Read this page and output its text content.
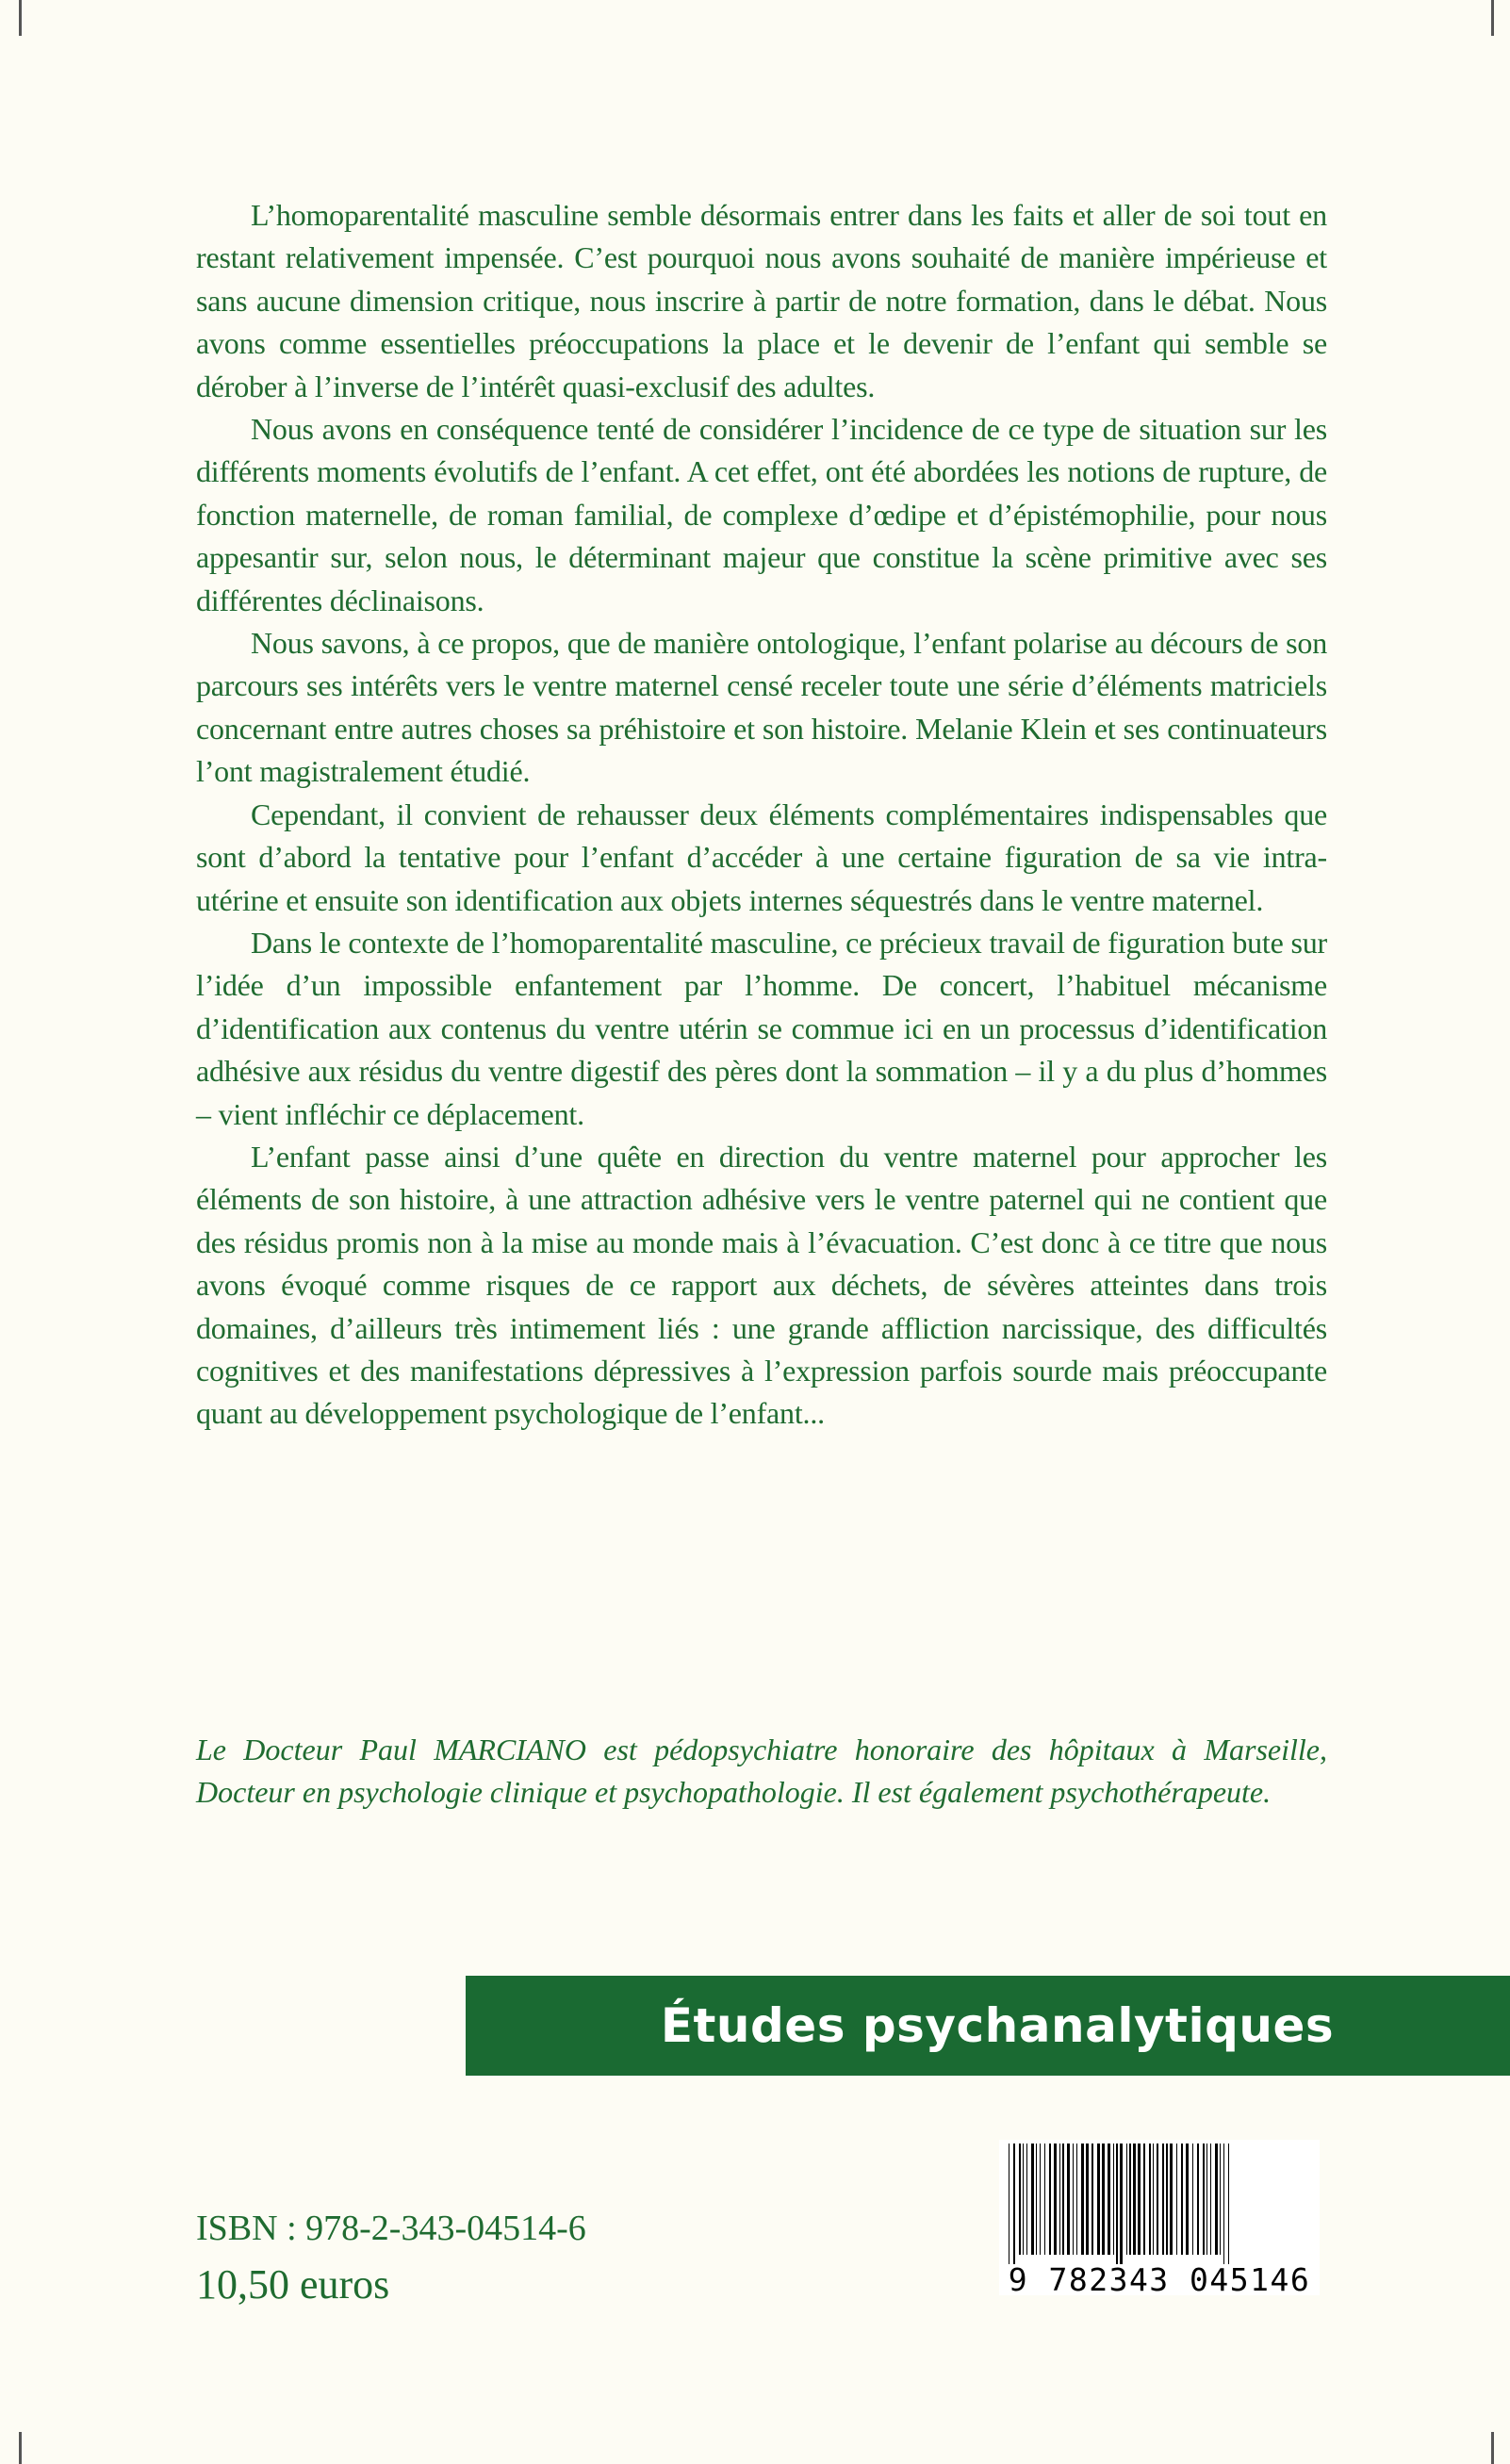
L’homoparentalité masculine semble désormais entrer dans les faits et aller de soi tout en restant relativement impensée. C’est pourquoi nous avons souhaité de manière impérieuse et sans aucune dimension critique, nous inscrire à partir de notre formation, dans le débat. Nous avons comme essentielles préoccupations la place et le devenir de l’enfant qui semble se dérober à l’inverse de l’intérêt quasi-exclusif des adultes.

Nous avons en conséquence tenté de considérer l’incidence de ce type de situation sur les différents moments évolutifs de l’enfant. A cet effet, ont été abordées les notions de rupture, de fonction maternelle, de roman familial, de complexe d’œdipe et d’épistémophilie, pour nous appesantir sur, selon nous, le déterminant majeur que constitue la scène primitive avec ses différentes déclinaisons.

Nous savons, à ce propos, que de manière ontologique, l’enfant polarise au décours de son parcours ses intérêts vers le ventre maternel censé receler toute une série d’éléments matriciels concernant entre autres choses sa préhistoire et son histoire. Melanie Klein et ses continuateurs l’ont magistralement étudié.

Cependant, il convient de rehausser deux éléments complémentaires indispensables que sont d’abord la tentative pour l’enfant d’accéder à une certaine figuration de sa vie intra-utérine et ensuite son identification aux objets internes séquestrés dans le ventre maternel.

Dans le contexte de l’homoparentalité masculine, ce précieux travail de figuration bute sur l’idée d’un impossible enfantement par l’homme. De concert, l’habituel mécanisme d’identification aux contenus du ventre utérin se commue ici en un processus d’identification adhésive aux résidus du ventre digestif des pères dont la sommation – il y a du plus d’hommes – vient infléchir ce déplacement.

L’enfant passe ainsi d’une quête en direction du ventre maternel pour approcher les éléments de son histoire, à une attraction adhésive vers le ventre paternel qui ne contient que des résidus promis non à la mise au monde mais à l’évacuation. C’est donc à ce titre que nous avons évoqué comme risques de ce rapport aux déchets, de sévères atteintes dans trois domaines, d’ailleurs très intimement liés : une grande affliction narcissique, des difficultés cognitives et des manifestations dépressives à l’expression parfois sourde mais préoccupante quant au développement psychologique de l’enfant...

Le Docteur Paul MARCIANO est pédopsychiatre honoraire des hôpitaux à Marseille, Docteur en psychologie clinique et psychopathologie. Il est également psychothérapeute.

Études psychanalytiques
ISBN : 978-2-343-04514-6
10,50 euros	9 782343 045146
